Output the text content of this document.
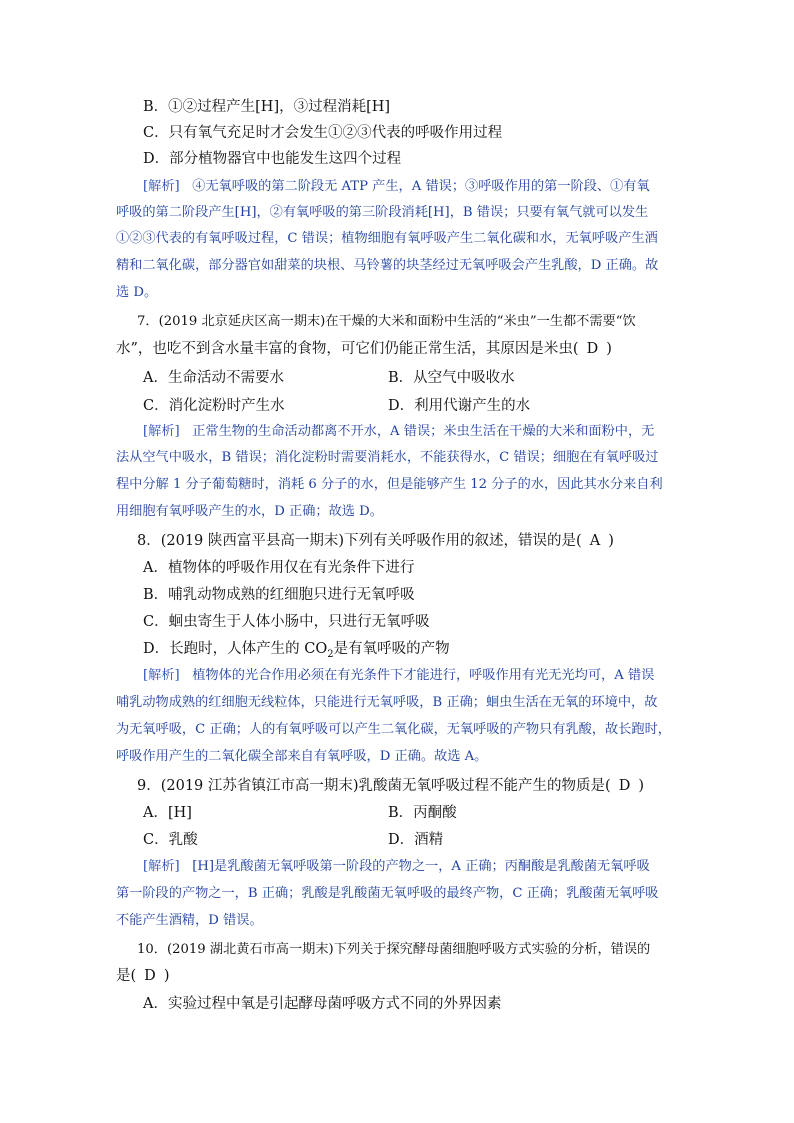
B．①②过程产生[H]，③过程消耗[H]
C．只有氧气充足时才会发生①②③代表的呼吸作用过程
D．部分植物器官中也能发生这四个过程
[解析] ④无氧呼吸的第二阶段无 ATP 产生，A 错误；③呼吸作用的第一阶段、①有氧
呼吸的第二阶段产生[H]，②有氧呼吸的第三阶段消耗[H]，B 错误；只要有氧气就可以发生
①②③代表的有氧呼吸过程，C 错误；植物细胞有氧呼吸产生二氧化碳和水，无氧呼吸产生酒
精和二氧化碳，部分器官如甜菜的块根、马铃薯的块茎经过无氧呼吸会产生乳酸，D 正确。故
选 D。
7．(2019 北京延庆区高一期末)在干燥的大米和面粉中生活的“米虫”一生都不需要“饮
水”，也吃不到含水量丰富的食物，可它们仍能正常生活，其原因是米虫( D )
A．生命活动不需要水	B．从空气中吸收水
C．消化淀粉时产生水	D．利用代谢产生的水
[解析] 正常生物的生命活动都离不开水，A 错误；米虫生活在干燥的大米和面粉中，无
法从空气中吸水，B 错误；消化淀粉时需要消耗水，不能获得水，C 错误；细胞在有氧呼吸过
程中分解 1 分子葡萄糖时，消耗 6 分子的水，但是能够产生 12 分子的水，因此其水分来自利
用细胞有氧呼吸产生的水，D 正确；故选 D。
8．(2019 陕西富平县高一期末)下列有关呼吸作用的叙述，错误的是( A )
A．植物体的呼吸作用仅在有光条件下进行
B．哺乳动物成熟的红细胞只进行无氧呼吸
C．蛔虫寄生于人体小肠中，只进行无氧呼吸
D．长跑时，人体产生的 $CO_2$是有氧呼吸的产物
[解析] 植物体的光合作用必须在有光条件下才能进行，呼吸作用有光无光均可，A 错误
哺乳动物成熟的红细胞无线粒体，只能进行无氧呼吸，B 正确；蛔虫生活在无氧的环境中，故
为无氧呼吸，C 正确；人的有氧呼吸可以产生二氧化碳，无氧呼吸的产物只有乳酸，故长跑时，
呼吸作用产生的二氧化碳全部来自有氧呼吸，D 正确。故选 A。
9．(2019 江苏省镇江市高一期末)乳酸菌无氧呼吸过程不能产生的物质是( D )
A．[H]	B．丙酮酸
C．乳酸	D．酒精
[解析] [H]是乳酸菌无氧呼吸第一阶段的产物之一，A 正确；丙酮酸是乳酸菌无氧呼吸
第一阶段的产物之一，B 正确；乳酸是乳酸菌无氧呼吸的最终产物，C 正确；乳酸菌无氧呼吸
不能产生酒精，D 错误。
10．(2019 湖北黄石市高一期末)下列关于探究酵母菌细胞呼吸方式实验的分析，错误的
是( D )
A．实验过程中氧是引起酵母菌呼吸方式不同的外界因素
